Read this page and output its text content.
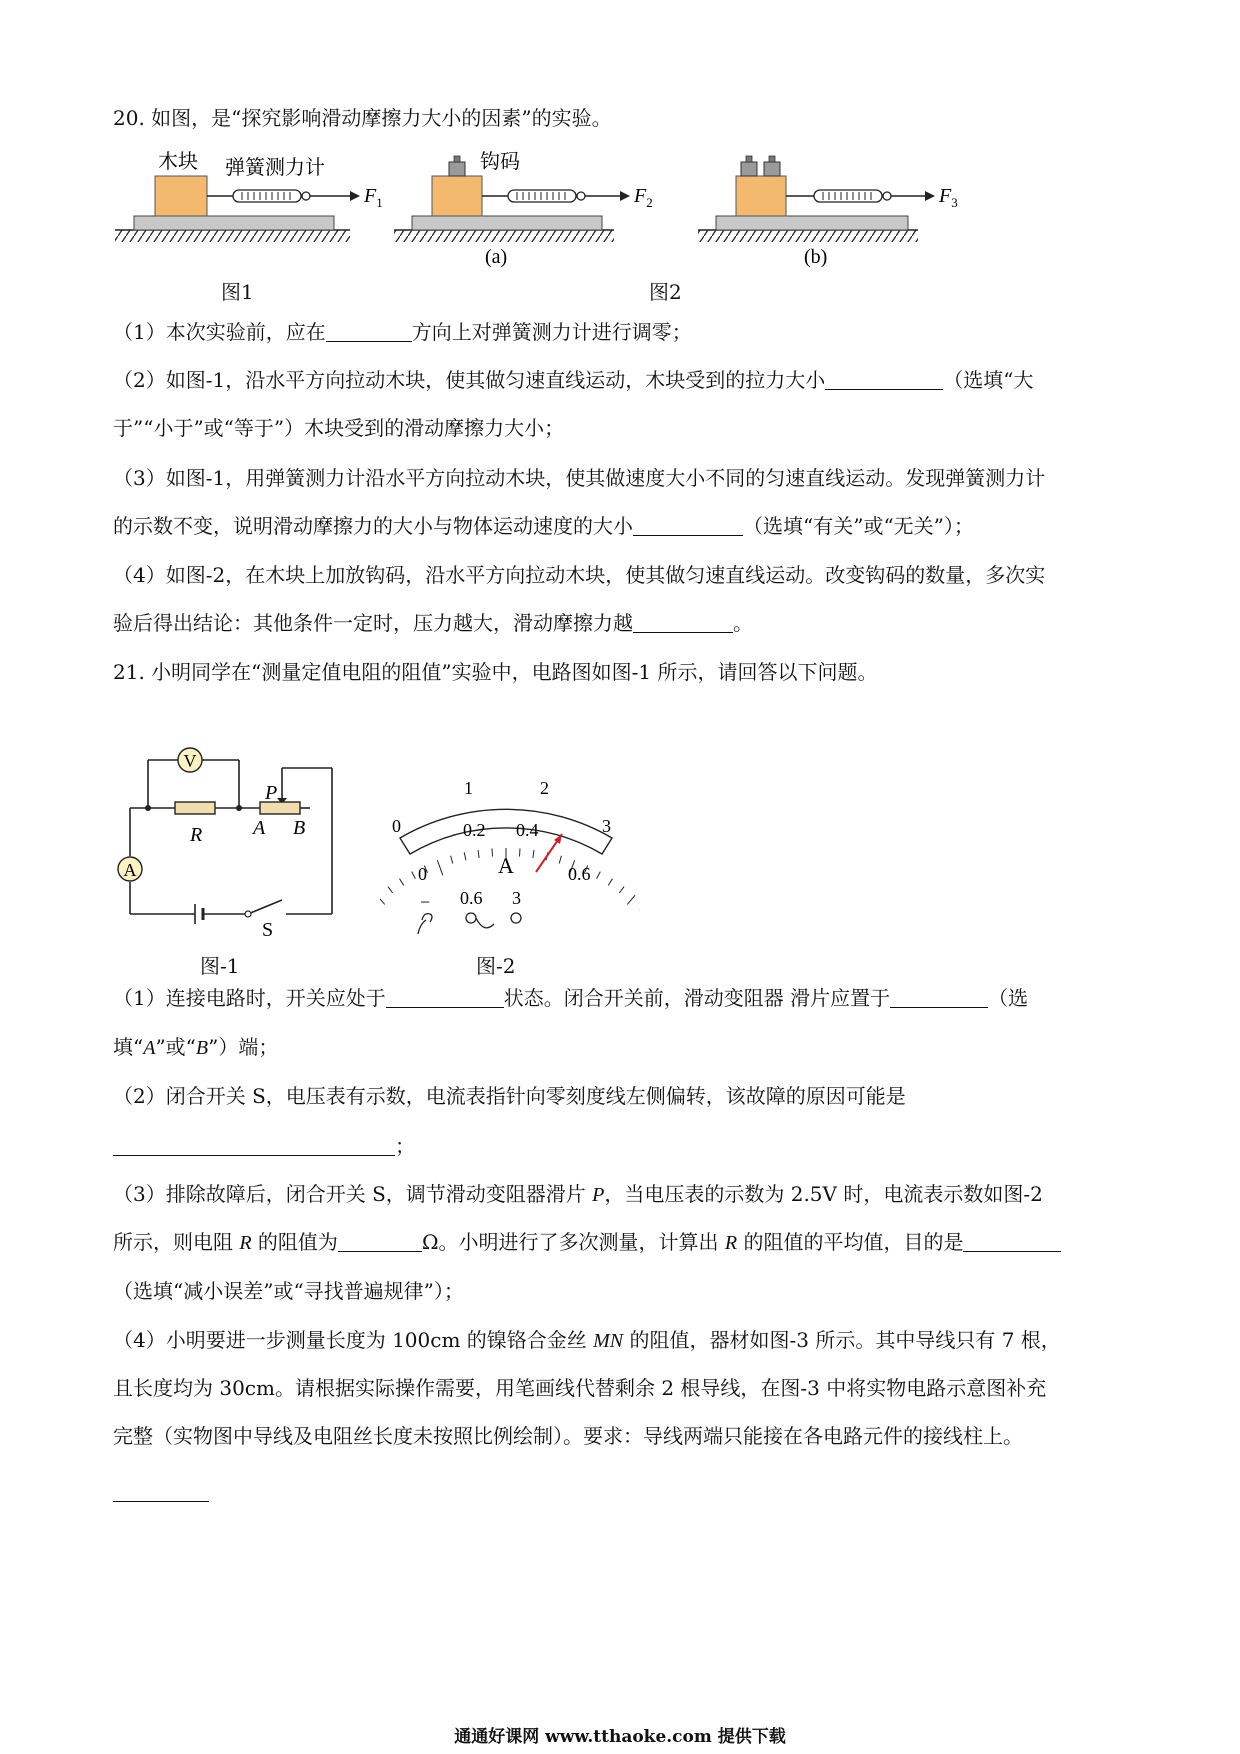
20. 如图，是“探究影响滑动摩擦力大小的因素”的实验。
木块 弹簧测力计
$F_1$
图1
钩码
$F_2$
(a)
$F_3$
(b)
图2
（1）本次实验前，应在	方向上对弹簧测力计进行调零；
（2）如图-1，沿水平方向拉动木块，使其做匀速直线运动，木块受到的拉力大小	（选填“大
于”“小于”或“等于”）木块受到的滑动摩擦力大小；
（3）如图-1，用弹簧测力计沿水平方向拉动木块，使其做速度大小不同的匀速直线运动。发现弹簧测力计
的示数不变，说明滑动摩擦力的大小与物体运动速度的大小	（选填“有关”或“无关”）；
（4）如图-2，在木块上加放钩码，沿水平方向拉动木块，使其做匀速直线运动。改变钩码的数量，多次实
验后得出结论：其他条件一定时，压力越大，滑动摩擦力越	。
21. 小明同学在“测量定值电阻的阻值”实验中，电路图如图-1 所示，请回答以下问题。
V
A
R
P
A B
S
图-1
0
1	2
3
0
0.2 0.4
0.6
A
− 0.6 3
图-2
（1）连接电路时，开关应处于	状态。闭合开关前，滑动变阻器 滑片应置于	（选
填“A”或“B”）端；
（2）闭合开关 S，电压表有示数，电流表指针向零刻度线左侧偏转，该故障的原因可能是
；
（3）排除故障后，闭合开关 S，调节滑动变阻器滑片 P，当电压表的示数为 2.5V 时，电流表示数如图-2
所示，则电阻 R 的阻值为	Ω。小明进行了多次测量，计算出 R 的阻值的平均值，目的是
（选填“减小误差”或“寻找普遍规律”）；
（4）小明要进一步测量长度为 100cm 的镍铬合金丝 MN 的阻值，器材如图-3 所示。其中导线只有 7 根，
且长度均为 30cm。请根据实际操作需要，用笔画线代替剩余 2 根导线，在图-3 中将实物电路示意图补充
完整（实物图中导线及电阻丝长度未按照比例绘制）。要求：导线两端只能接在各电路元件的接线柱上。
通通好课网 www.tthaoke.com 提供下载
